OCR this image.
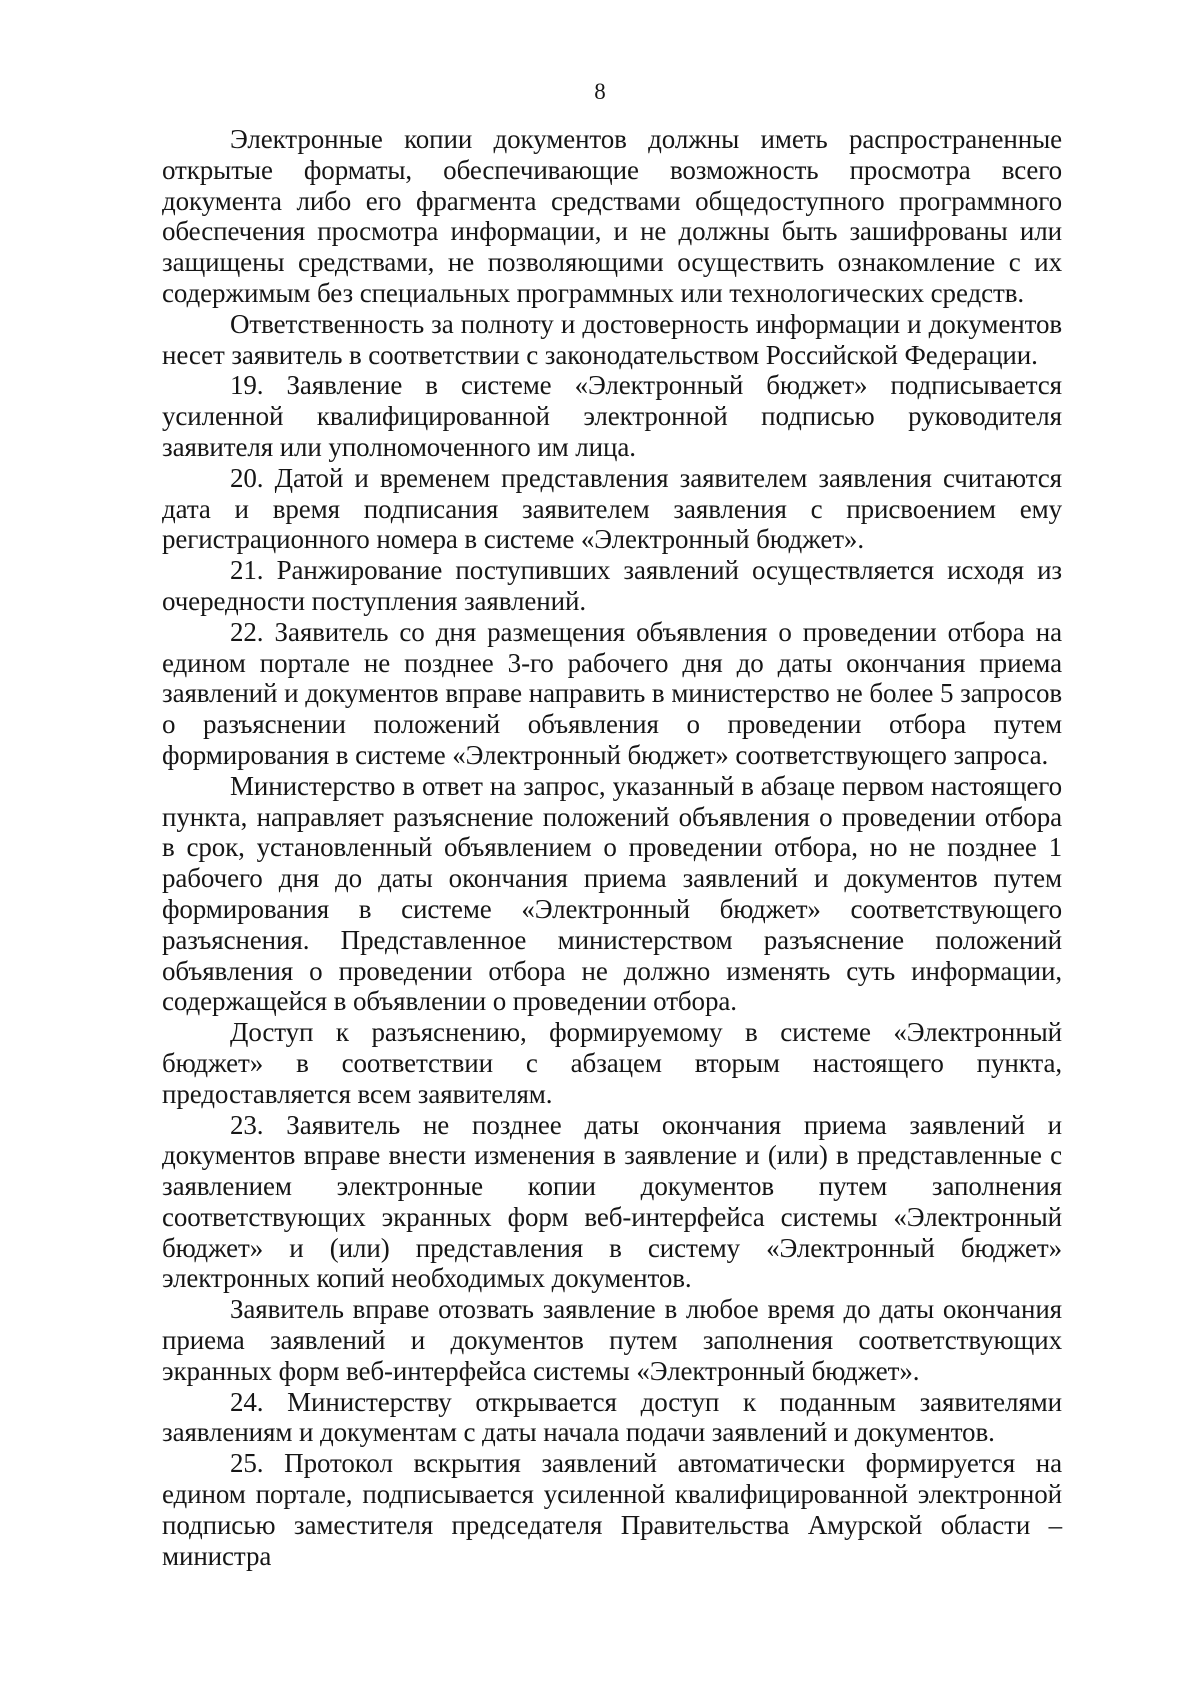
8

Электронные копии документов должны иметь распространенные открытые форматы, обеспечивающие возможность просмотра всего документа либо его фрагмента средствами общедоступного программного обеспечения просмотра информации, и не должны быть зашифрованы или защищены средствами, не позволяющими осуществить ознакомление с их содержимым без специальных программных или технологических средств.

Ответственность за полноту и достоверность информации и документов несет заявитель в соответствии с законодательством Российской Федерации.

19. Заявление в системе «Электронный бюджет» подписывается усиленной квалифицированной электронной подписью руководителя заявителя или уполномоченного им лица.

20. Датой и временем представления заявителем заявления считаются дата и время подписания заявителем заявления с присвоением ему регистрационного номера в системе «Электронный бюджет».

21. Ранжирование поступивших заявлений осуществляется исходя из очередности поступления заявлений.

22. Заявитель со дня размещения объявления о проведении отбора на едином портале не позднее 3-го рабочего дня до даты окончания приема заявлений и документов вправе направить в министерство не более 5 запросов о разъяснении положений объявления о проведении отбора путем формирования в системе «Электронный бюджет» соответствующего запроса.

Министерство в ответ на запрос, указанный в абзаце первом настоящего пункта, направляет разъяснение положений объявления о проведении отбора в срок, установленный объявлением о проведении отбора, но не позднее 1 рабочего дня до даты окончания приема заявлений и документов путем формирования в системе «Электронный бюджет» соответствующего разъяснения. Представленное министерством разъяснение положений объявления о проведении отбора не должно изменять суть информации, содержащейся в объявлении о проведении отбора.

Доступ к разъяснению, формируемому в системе «Электронный бюджет» в соответствии с абзацем вторым настоящего пункта, предоставляется всем заявителям.

23. Заявитель не позднее даты окончания приема заявлений и документов вправе внести изменения в заявление и (или) в представленные с заявлением электронные копии документов путем заполнения соответствующих экранных форм веб-интерфейса системы «Электронный бюджет» и (или) представления в систему «Электронный бюджет» электронных копий необходимых документов.

Заявитель вправе отозвать заявление в любое время до даты окончания приема заявлений и документов путем заполнения соответствующих экранных форм веб-интерфейса системы «Электронный бюджет».

24. Министерству открывается доступ к поданным заявителями заявлениям и документам с даты начала подачи заявлений и документов.

25. Протокол вскрытия заявлений автоматически формируется на едином портале, подписывается усиленной квалифицированной электронной подписью заместителя председателя Правительства Амурской области – министра
